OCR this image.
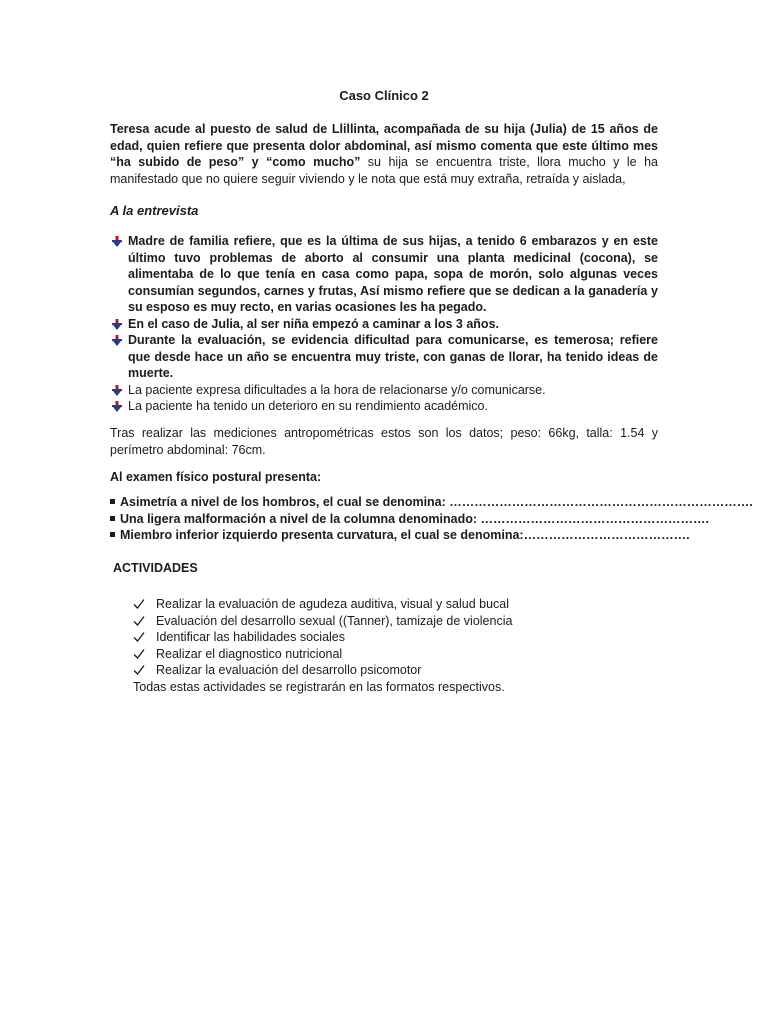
Caso Clínico 2
Teresa acude al puesto de salud de Llillinta, acompañada de su hija (Julia) de 15 años de edad, quien refiere que presenta dolor abdominal, así mismo comenta que este último mes “ha subido de peso” y “como mucho” su hija se encuentra triste, llora mucho y le ha manifestado que no quiere seguir viviendo y le nota que está muy extraña, retraída y aislada,
A la entrevista
Madre de familia refiere, que es la última de sus hijas, a tenido 6 embarazos y en este último tuvo problemas de aborto al consumir una planta medicinal (cocona), se alimentaba de lo que tenía en casa como papa, sopa de morón, solo algunas veces consumían segundos, carnes y frutas, Así mismo refiere que se dedican a la ganadería y su esposo es muy recto, en varias ocasiones les ha pegado.
En el caso de Julia, al ser niña empezó a caminar a los 3 años.
Durante la evaluación, se evidencia dificultad para comunicarse, es temerosa; refiere que desde hace un año se encuentra muy triste, con ganas de llorar, ha tenido ideas de muerte.
La paciente expresa dificultades a la hora de relacionarse y/o comunicarse.
La paciente ha tenido un deterioro en su rendimiento académico.
Tras realizar las mediciones antropométricas estos son los datos; peso: 66kg, talla: 1.54 y perímetro abdominal: 76cm.
Al examen físico postural presenta:
Asimetría a nivel de los hombros, el cual se denomina: ……………………………………………………………….
Una ligera malformación a nivel de la columna denominado: ……………………………………………….
Miembro inferior izquierdo presenta curvatura, el cual se denomina:………………………………….
ACTIVIDADES
Realizar la evaluación de agudeza auditiva, visual y salud bucal
Evaluación del desarrollo sexual ((Tanner), tamizaje de violencia
Identificar las habilidades sociales
Realizar el diagnostico nutricional
Realizar la evaluación del desarrollo psicomotor
Todas estas actividades se registrarán en las formatos respectivos.
